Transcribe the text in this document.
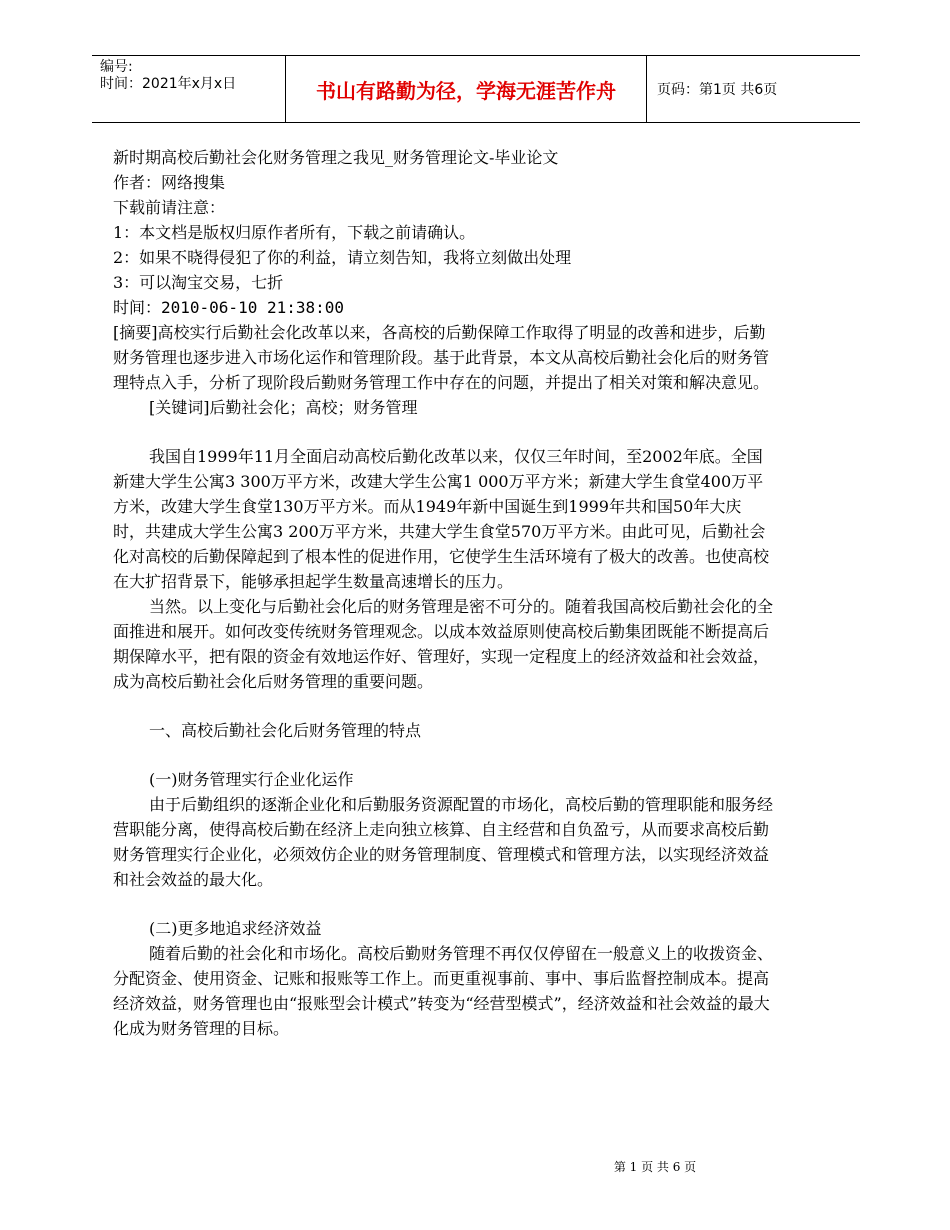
编号:
时间：2021年x月x日	书山有路勤为径，学海无涯苦作舟	页码：第1页 共6页

新时期高校后勤社会化财务管理之我见_财务管理论文-毕业论文

作者：网络搜集

下载前请注意：

1：本文档是版权归原作者所有，下载之前请确认。

2：如果不晓得侵犯了你的利益，请立刻告知，我将立刻做出处理

3：可以淘宝交易，七折

时间：2010-06-10 21:38:00

[摘要]高校实行后勤社会化改革以来，各高校的后勤保障工作取得了明显的改善和进步，后勤财务管理也逐步进入市场化运作和管理阶段。基于此背景，本文从高校后勤社会化后的财务管理特点入手，分析了现阶段后勤财务管理工作中存在的问题，并提出了相关对策和解决意见。

[关键词]后勤社会化；高校；财务管理

我国自1999年11月全面启动高校后勤化改革以来，仅仅三年时间，至2002年底。全国新建大学生公寓3 300万平方米，改建大学生公寓1 000万平方米；新建大学生食堂400万平方米，改建大学生食堂130万平方米。而从1949年新中国诞生到1999年共和国50年大庆时，共建成大学生公寓3 200万平方米，共建大学生食堂570万平方米。由此可见，后勤社会化对高校的后勤保障起到了根本性的促进作用，它使学生生活环境有了极大的改善。也使高校在大扩招背景下，能够承担起学生数量高速增长的压力。

当然。以上变化与后勤社会化后的财务管理是密不可分的。随着我国高校后勤社会化的全面推进和展开。如何改变传统财务管理观念。以成本效益原则使高校后勤集团既能不断提高后期保障水平，把有限的资金有效地运作好、管理好，实现一定程度上的经济效益和社会效益，成为高校后勤社会化后财务管理的重要问题。

一、高校后勤社会化后财务管理的特点

(一)财务管理实行企业化运作

由于后勤组织的逐渐企业化和后勤服务资源配置的市场化，高校后勤的管理职能和服务经营职能分离，使得高校后勤在经济上走向独立核算、自主经营和自负盈亏，从而要求高校后勤财务管理实行企业化，必须效仿企业的财务管理制度、管理模式和管理方法，以实现经济效益和社会效益的最大化。

(二)更多地追求经济效益

随着后勤的社会化和市场化。高校后勤财务管理不再仅仅停留在一般意义上的收拨资金、分配资金、使用资金、记账和报账等工作上。而更重视事前、事中、事后监督控制成本。提高经济效益，财务管理也由“报账型会计模式”转变为“经营型模式”，经济效益和社会效益的最大化成为财务管理的目标。

第 1 页 共 6 页
